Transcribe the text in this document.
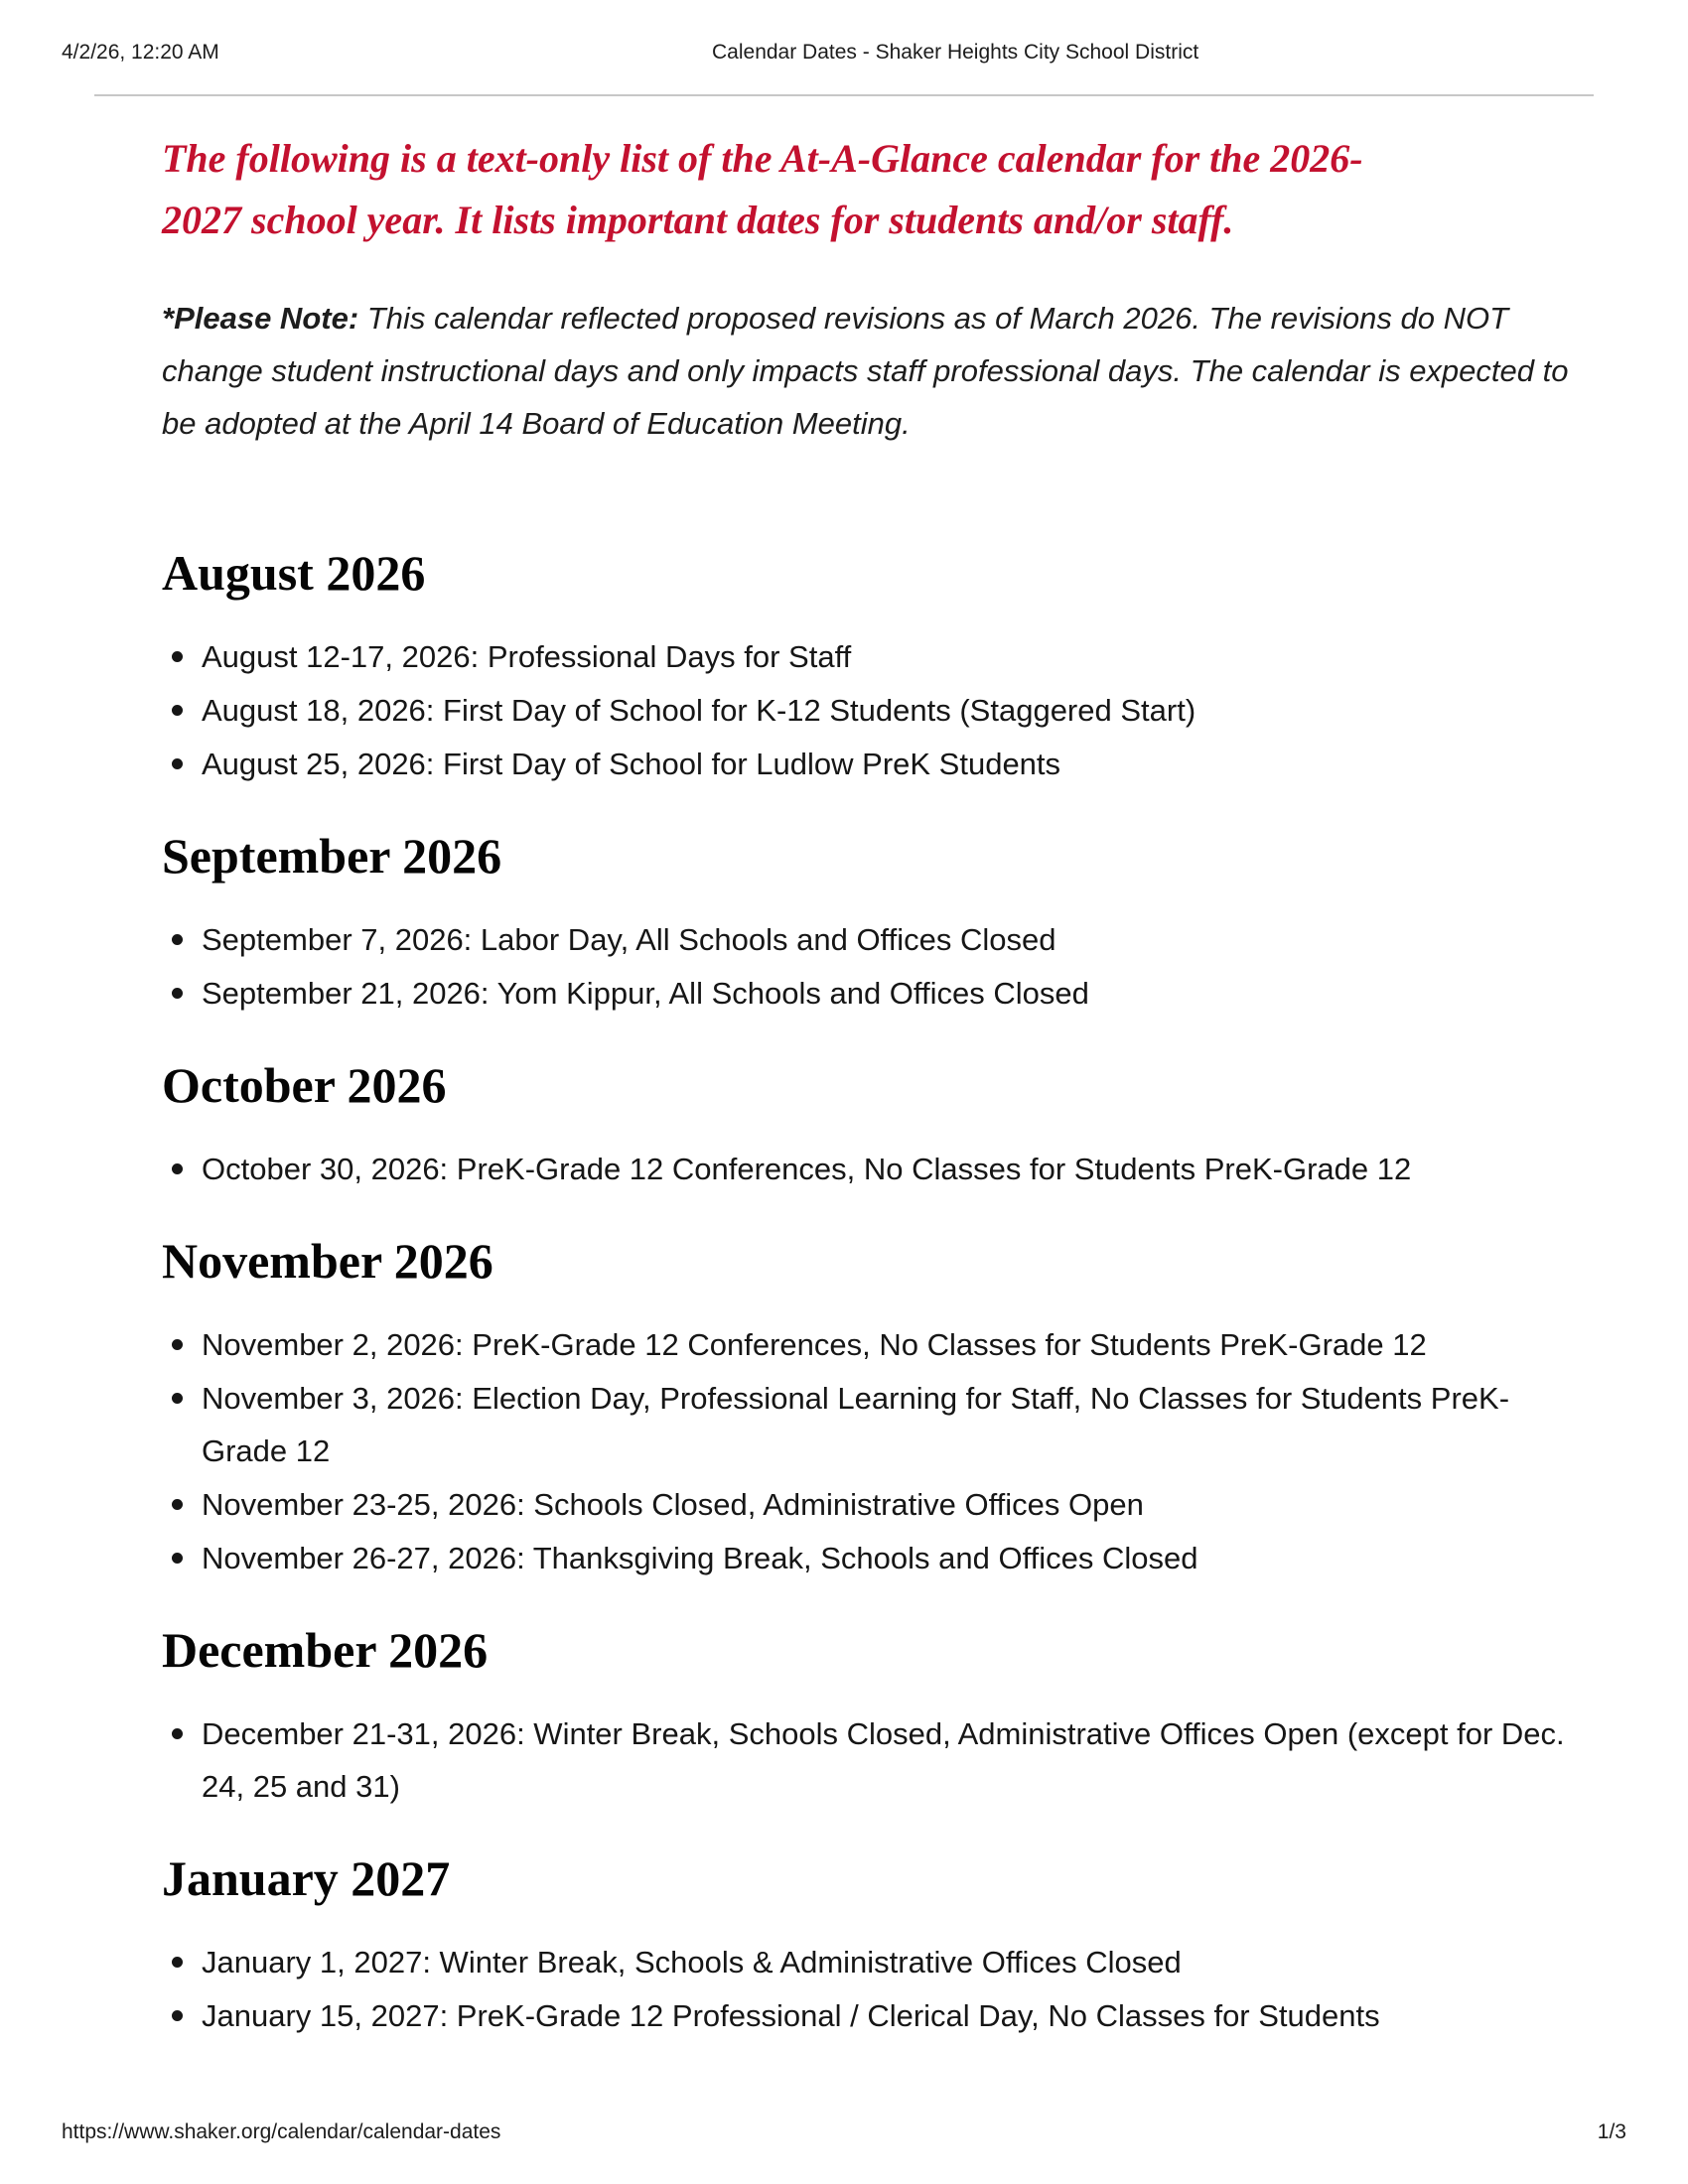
4/2/26, 12:20 AM	Calendar Dates - Shaker Heights City School District
The following is a text-only list of the At-A-Glance calendar for the 2026-
2027 school year. It lists important dates for students and/or staff.

*Please Note: This calendar reflected proposed revisions as of March 2026. The revisions do NOT change student instructional days and only impacts staff professional days. The calendar is expected to be adopted at the April 14 Board of Education Meeting.

August 2026
August 12-17, 2026: Professional Days for Staff
August 18, 2026: First Day of School for K-12 Students (Staggered Start)
August 25, 2026: First Day of School for Ludlow PreK Students
September 2026
September 7, 2026: Labor Day, All Schools and Offices Closed
September 21, 2026: Yom Kippur, All Schools and Offices Closed
October 2026
October 30, 2026: PreK-Grade 12 Conferences, No Classes for Students PreK-Grade 12
November 2026
November 2, 2026: PreK-Grade 12 Conferences, No Classes for Students PreK-Grade 12
November 3, 2026: Election Day, Professional Learning for Staff, No Classes for Students PreK-Grade 12
November 23-25, 2026: Schools Closed, Administrative Offices Open
November 26-27, 2026: Thanksgiving Break, Schools and Offices Closed
December 2026
December 21-31, 2026: Winter Break, Schools Closed, Administrative Offices Open (except for Dec. 24, 25 and 31)
January 2027
January 1, 2027: Winter Break, Schools & Administrative Offices Closed
January 15, 2027: PreK-Grade 12 Professional / Clerical Day, No Classes for Students
https://www.shaker.org/calendar/calendar-dates	1/3
